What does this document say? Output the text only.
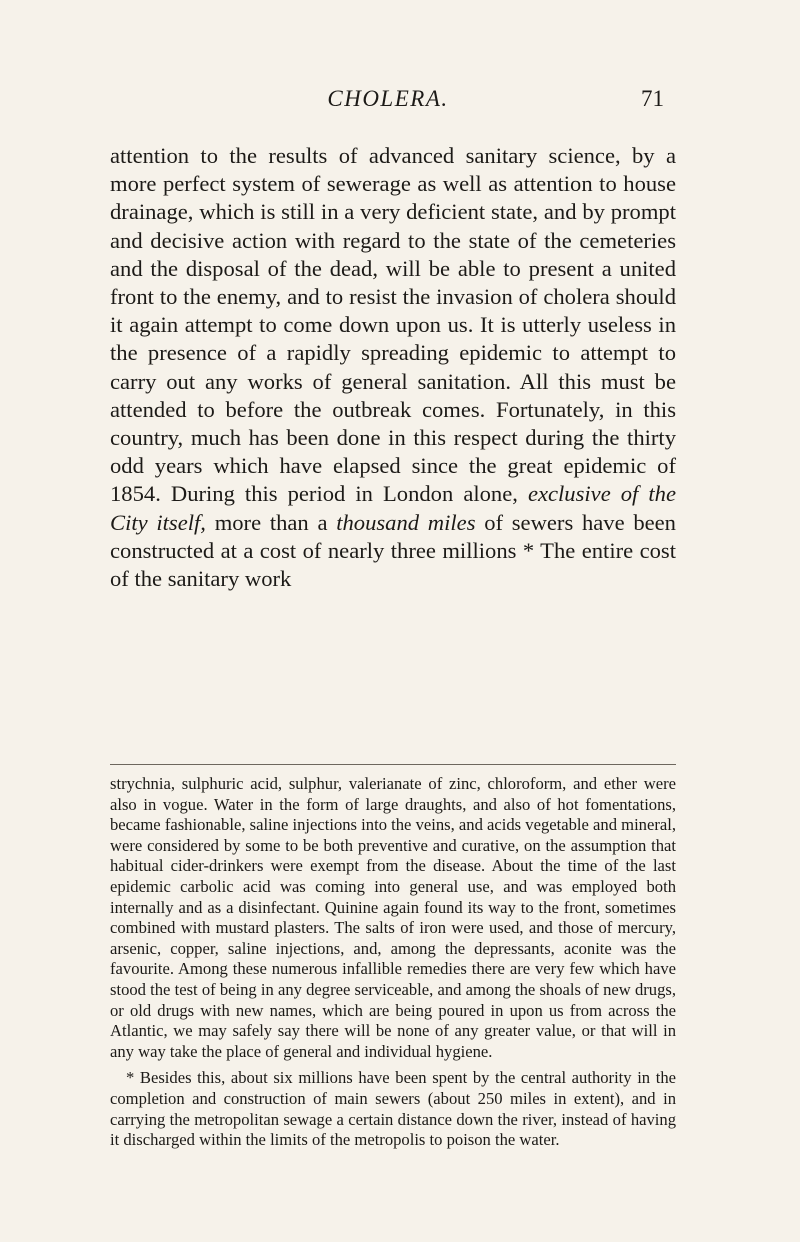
CHOLERA.	71

attention to the results of advanced sanitary science, by a more perfect system of sewerage as well as attention to house drainage, which is still in a very deficient state, and by prompt and decisive action with regard to the state of the cemeteries and the disposal of the dead, will be able to present a united front to the enemy, and to resist the invasion of cholera should it again attempt to come down upon us. It is utterly useless in the presence of a rapidly spreading epidemic to attempt to carry out any works of general sanitation. All this must be attended to before the outbreak comes. Fortunately, in this country, much has been done in this respect during the thirty odd years which have elapsed since the great epidemic of 1854. During this period in London alone, exclusive of the City itself, more than a thousand miles of sewers have been constructed at a cost of nearly three millions * The entire cost of the sanitary work

strychnia, sulphuric acid, sulphur, valerianate of zinc, chloroform, and ether were also in vogue. Water in the form of large draughts, and also of hot fomentations, became fashionable, saline injections into the veins, and acids vegetable and mineral, were considered by some to be both preventive and curative, on the assumption that habitual cider-drinkers were exempt from the disease. About the time of the last epidemic carbolic acid was coming into general use, and was employed both internally and as a disinfectant. Quinine again found its way to the front, sometimes combined with mustard plasters. The salts of iron were used, and those of mercury, arsenic, copper, saline injections, and, among the depressants, aconite was the favourite. Among these numerous infallible remedies there are very few which have stood the test of being in any degree serviceable, and among the shoals of new drugs, or old drugs with new names, which are being poured in upon us from across the Atlantic, we may safely say there will be none of any greater value, or that will in any way take the place of general and individual hygiene.

* Besides this, about six millions have been spent by the central authority in the completion and construction of main sewers (about 250 miles in extent), and in carrying the metropolitan sewage a certain distance down the river, instead of having it discharged within the limits of the metropolis to poison the water.
